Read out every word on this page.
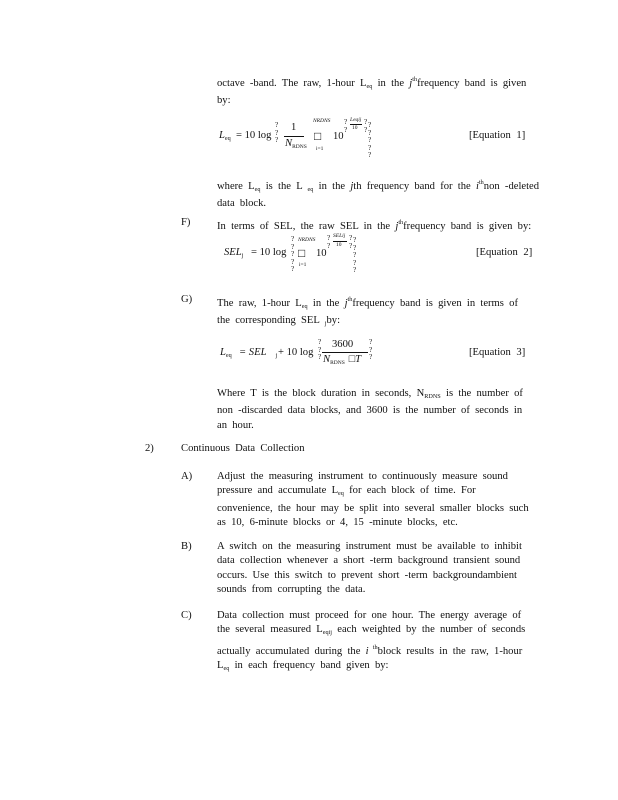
octave -band. The raw, 1-hour $L_{eq}$ in the $j^{th}frequency$ band is given
by:
$L_{eq} = 10$ log
?
?
?
1
$N_{RDNS}$
NRDNS
□
i=1
10
?
?
Leqij
10
?
? ?
?
?
?
?
[Equation 1]
where $L_{eq}$ is the L $_{eq}$ in the jth frequency band for the $i^{th}non$ -deleted
data block.
F)	In terms of SEL, the raw SEL in the $j^{th}frequency$ band is given by:
$SEL_j = 10$ log
?
?
?
?
?
NRDNS
□
i=1
10
?
?
SELij
10
?
?
?
?
?
?
?
[Equation 2]
G) The raw, 1-hour $L_{eq}$ in the $j^{th}frequency$ band is given in terms of
the corresponding SEL $_j$by:
$L_{eq}$ = SEL $_j$ + 10 log
?
?
?
3600
$N_{RDNS}$ □T
?
?
?	[Equation 3]
Where T is the block duration in seconds, $N_{RDNS}$ is the number of
non -discarded data blocks, and 3600 is the number of seconds in
an hour.
2)	Continuous Data Collection
A) Adjust the measuring instrument to continuously measure sound
pressure and accumulate $L_{eq}$ for each block of time. For
convenience, the hour may be split into several smaller blocks such
as 10, 6-minute blocks or 4, 15 -minute blocks, etc.
B) A switch on the measuring instrument must be available to inhibit
data collection whenever a short -term background transient sound
occurs. Use this switch to prevent short -term backgroundambient
sounds from corrupting the data.
C) Data collection must proceed for one hour. The energy average of
the several measured $L_{eqij}$ each weighted by the number of seconds
actually accumulated during the i $^{th}$block results in the raw, 1-hour
$L_{eq}$ in each frequency band given by:
